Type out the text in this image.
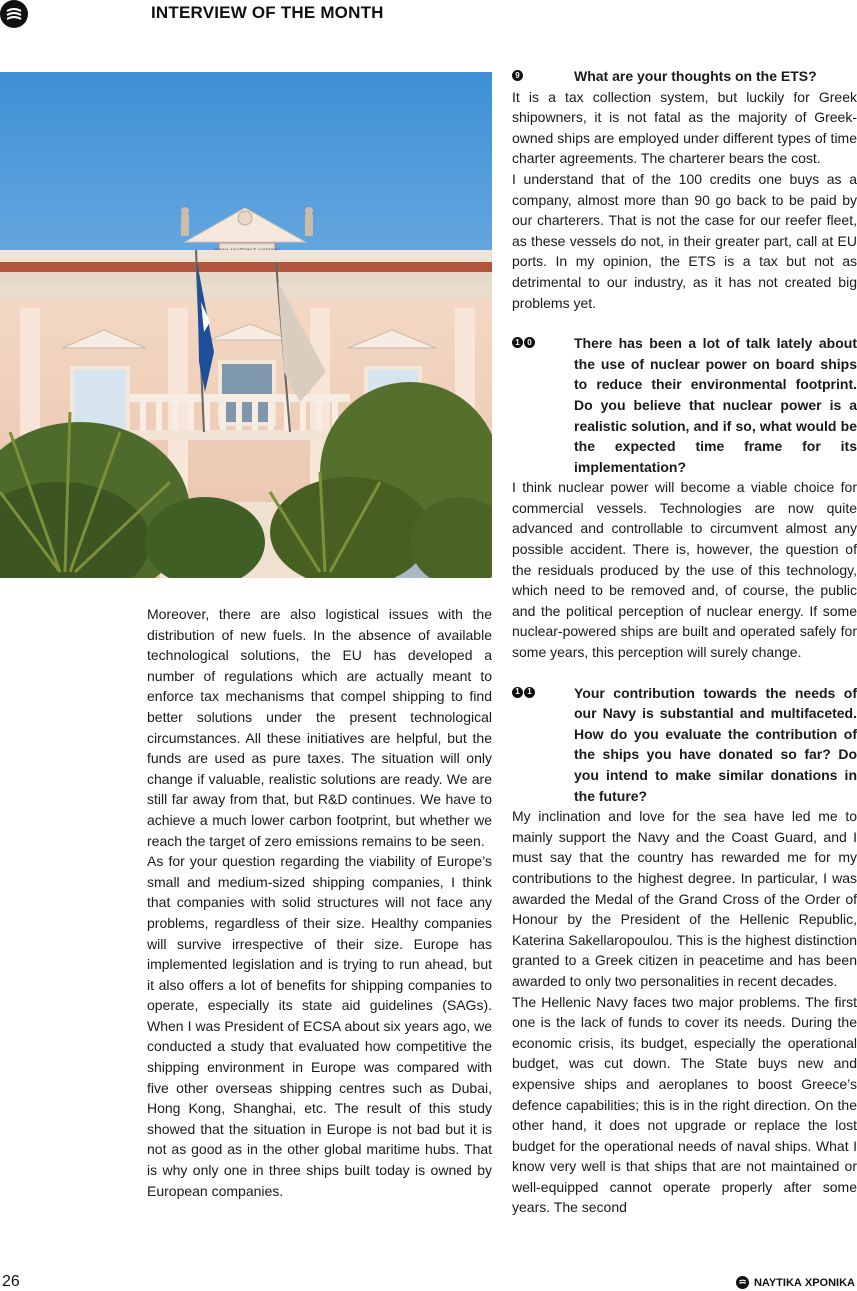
INTERVIEW OF THE MONTH

Moreover, there are also logistical issues with the distribution of new fuels. In the absence of available technological solutions, the EU has developed a number of regulations which are actually meant to enforce tax mechanisms that compel shipping to find better solutions under the present technological circumstances. All these initiatives are helpful, but the funds are used as pure taxes. The situation will only change if valuable, realistic solutions are ready. We are still far away from that, but R&D continues. We have to achieve a much lower carbon footprint, but whether we reach the target of zero emissions remains to be seen.

As for your question regarding the viability of Europe’s small and medium-sized shipping companies, I think that companies with solid structures will not face any problems, regardless of their size. Healthy companies will survive irrespective of their size. Europe has implemented legislation and is trying to run ahead, but it also offers a lot of benefits for shipping companies to operate, especially its state aid guidelines (SAGs). When I was President of ECSA about six years ago, we conducted a study that evaluated how competitive the shipping environment in Europe was compared with five other overseas shipping centres such as Dubai, Hong Kong, Shanghai, etc. The result of this study showed that the situation in Europe is not bad but it is not as good as in the other global maritime hubs. That is why only one in three ships built today is owned by European companies.

9	What are your thoughts on the ETS?

It is a tax collection system, but luckily for Greek shipowners, it is not fatal as the majority of Greek-owned ships are employed under different types of time charter agreements. The charterer bears the cost.

I understand that of the 100 credits one buys as a company, almost more than 90 go back to be paid by our charterers. That is not the case for our reefer fleet, as these vessels do not, in their greater part, call at EU ports. In my opinion, the ETS is a tax but not as detrimental to our industry, as it has not created big problems yet.

1 0	There has been a lot of talk lately about the use of nuclear power on board ships to reduce their environmental footprint. Do you believe that nuclear power is a realistic solution, and if so, what would be the expected time frame for its implementation?

I think nuclear power will become a viable choice for commercial vessels. Technologies are now quite advanced and controllable to circumvent almost any possible accident. There is, however, the question of the residuals produced by the use of this technology, which need to be removed and, of course, the public and the political perception of nuclear energy. If some nuclear-powered ships are built and operated safely for some years, this perception will surely change.

1 1	Your contribution towards the needs of our Navy is substantial and multifaceted. How do you evaluate the contribution of the ships you have donated so far? Do you intend to make similar donations in the future?

My inclination and love for the sea have led me to mainly support the Navy and the Coast Guard, and I must say that the country has rewarded me for my contributions to the highest degree. In particular, I was awarded the Medal of the Grand Cross of the Order of Honour by the President of the Hellenic Republic, Katerina Sakellaropoulou. This is the highest distinction granted to a Greek citizen in peacetime and has been awarded to only two personalities in recent decades.

The Hellenic Navy faces two major problems. The first one is the lack of funds to cover its needs. During the economic crisis, its budget, especially the operational budget, was cut down. The State buys new and expensive ships and aeroplanes to boost Greece’s defence capabilities; this is in the right direction. On the other hand, it does not upgrade or replace the lost budget for the operational needs of naval ships. What I know very well is that ships that are not maintained or well-equipped cannot operate properly after some years. The second

26	ΝΑΥΤΙΚΑ ΧΡΟΝΙΚΑ
